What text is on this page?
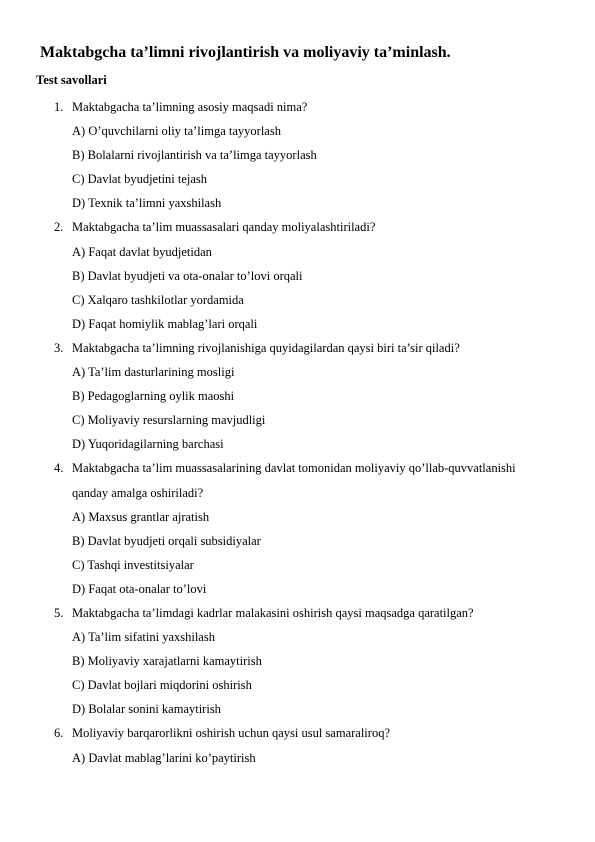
Maktabgcha ta’limni rivojlantirish va moliyaviy ta’minlash.
Test savollari
1. Maktabgacha ta’limning asosiy maqsadi nima?
A) O’quvchilarni oliy ta’limga tayyorlash
B) Bolalarni rivojlantirish va ta’limga tayyorlash
C) Davlat byudjetini tejash
D) Texnik ta’limni yaxshilash
2. Maktabgacha ta’lim muassasalari qanday moliyalashtiriladi?
A) Faqat davlat byudjetidan
B) Davlat byudjeti va ota-onalar to’lovi orqali
C) Xalqaro tashkilotlar yordamida
D) Faqat homiylik mablag’lari orqali
3. Maktabgacha ta’limning rivojlanishiga quyidagilardan qaysi biri ta’sir qiladi?
A) Ta’lim dasturlarining mosligi
B) Pedagoglarning oylik maoshi
C) Moliyaviy resurslarning mavjudligi
D) Yuqoridagilarning barchasi
4. Maktabgacha ta’lim muassasalarining davlat tomonidan moliyaviy qo’llab-quvvatlanishi qanday amalga oshiriladi?
A) Maxsus grantlar ajratish
B) Davlat byudjeti orqali subsidiyalar
C) Tashqi investitsiyalar
D) Faqat ota-onalar to’lovi
5. Maktabgacha ta’limdagi kadrlar malakasini oshirish qaysi maqsadga qaratilgan?
A) Ta’lim sifatini yaxshilash
B) Moliyaviy xarajatlarni kamaytirish
C) Davlat bojlari miqdorini oshirish
D) Bolalar sonini kamaytirish
6. Moliyaviy barqarorlikni oshirish uchun qaysi usul samaraliroq?
A) Davlat mablag’larini ko’paytirish
